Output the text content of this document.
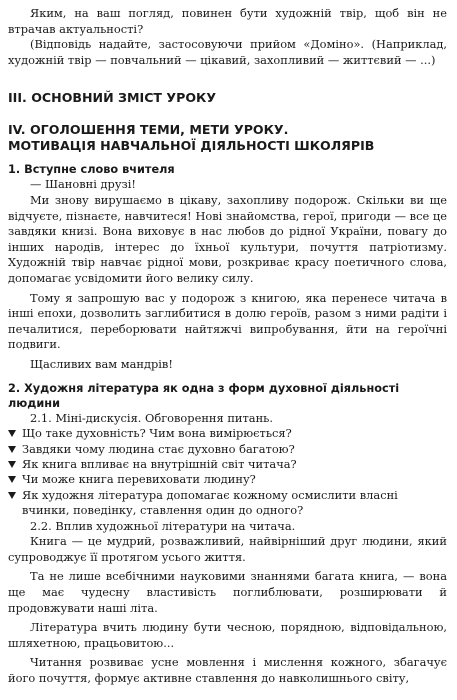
Яким, на ваш погляд, повинен бути художній твір, щоб він не втрачав актуальності?

(Відповідь надайте, застосовуючи прийом «Доміно». (Наприклад, художній твір — повчальний — цікавий, захопливий — життєвий — ...)

ІІІ. ОСНОВНИЙ ЗМІСТ УРОКУ
IV. ОГОЛОШЕННЯ ТЕМИ, МЕТИ УРОКУ.
МОТИВАЦІЯ НАВЧАЛЬНОЇ ДІЯЛЬНОСТІ ШКОЛЯРІВ
1. Вступне слово вчителя

— Шановні друзі!

Ми знову вирушаємо в цікаву, захопливу подорож. Скільки ви ще відчуєте, пізнаєте, навчитеся! Нові знайомства, герої, пригоди — все це завдяки книзі. Вона виховує в нас любов до рідної України, повагу до інших народів, інтерес до їхньої культури, почуття патріотизму. Художній твір навчає рідної мови, розкриває красу поетичного слова, допомагає усвідомити його велику силу.

Тому я запрошую вас у подорож з книгою, яка перенесе читача в інші епохи, дозволить заглибитися в долю героїв, разом з ними радіти і печалитися, переборювати найтяжчі випробування, йти на героїчні подвиги.

Щасливих вам мандрів!

2. Художня література як одна з форм духовної діяльності людини

2.1. Міні-дискусія. Обговорення питань.

Що таке духовність? Чим вона вимірюється?
Завдяки чому людина стає духовно багатою?
Як книга впливає на внутрішній світ читача?
Чи може книга перевиховати людину?
Як художня література допомагає кожному осмислити власні вчинки, поведінку, ставлення один до одного?

2.2. Вплив художньої літератури на читача.

Книга — це мудрий, розважливий, найвірніший друг людини, який супроводжує її протягом усього життя.

Та не лише всебічними науковими знаннями багата книга, — вона ще має чудесну властивість поглиблювати, розширювати й продовжувати наші літа.

Література вчить людину бути чесною, порядною, відповідальною, шляхетною, працьовитою...

Читання розвиває усне мовлення і мислення кожного, збагачує його почуття, формує активне ставлення до навколишнього світу,
